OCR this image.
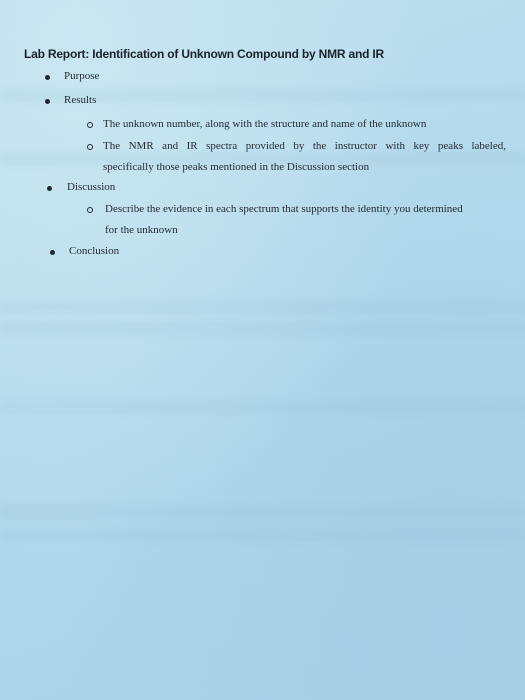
Lab Report: Identification of Unknown Compound by NMR and IR
Purpose
Results
The unknown number, along with the structure and name of the unknown
The NMR and IR spectra provided by the instructor with key peaks labeled,
specifically those peaks mentioned in the Discussion section
Discussion
Describe the evidence in each spectrum that supports the identity you determined
for the unknown
Conclusion
